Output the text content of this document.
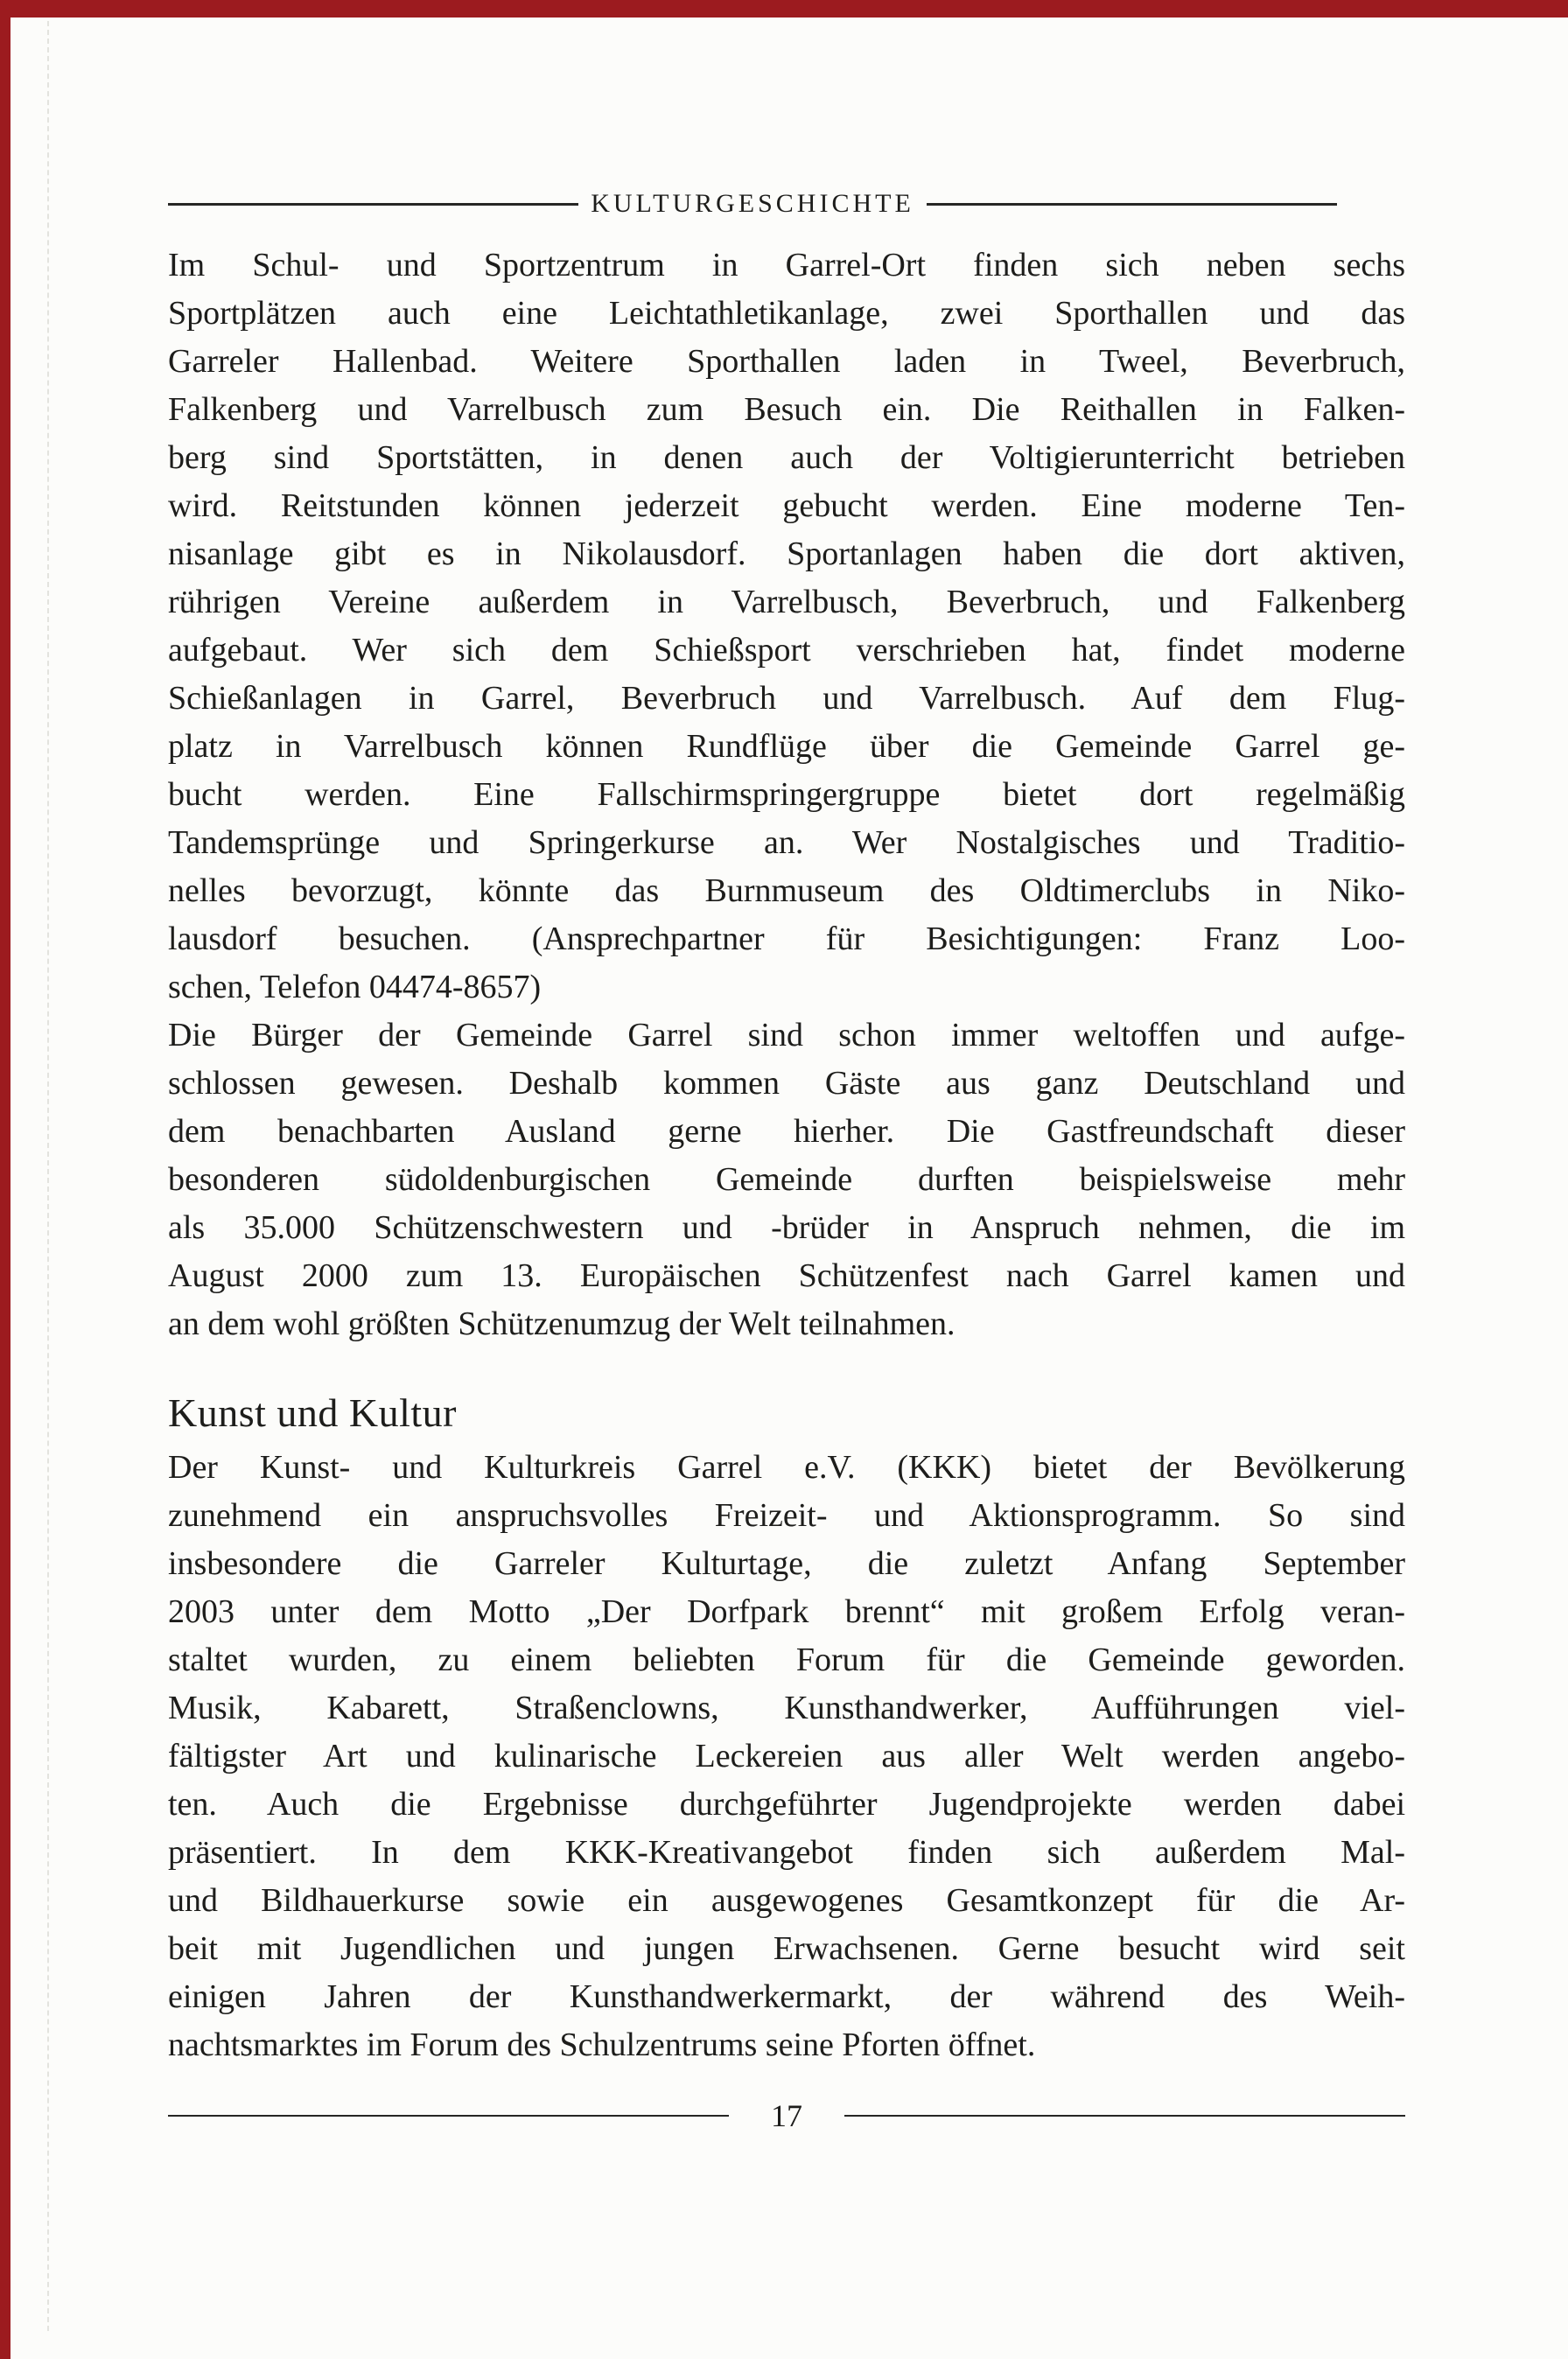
KULTURGESCHICHTE
Im Schul- und Sportzentrum in Garrel-Ort finden sich neben sechs
Sportplätzen auch eine Leichtathletikanlage, zwei Sporthallen und das
Garreler Hallenbad. Weitere Sporthallen laden in Tweel, Beverbruch,
Falkenberg und Varrelbusch zum Besuch ein. Die Reithallen in Falken-
berg sind Sportstätten, in denen auch der Voltigierunterricht betrieben
wird. Reitstunden können jederzeit gebucht werden. Eine moderne Ten-
nisanlage gibt es in Nikolausdorf. Sportanlagen haben die dort aktiven,
rührigen Vereine außerdem in Varrelbusch, Beverbruch, und Falkenberg
aufgebaut. Wer sich dem Schießsport verschrieben hat, findet moderne
Schießanlagen in Garrel, Beverbruch und Varrelbusch. Auf dem Flug-
platz in Varrelbusch können Rundflüge über die Gemeinde Garrel ge-
bucht werden. Eine Fallschirmspringergruppe bietet dort regelmäßig
Tandemsprünge und Springerkurse an. Wer Nostalgisches und Traditio-
nelles bevorzugt, könnte das Burnmuseum des Oldtimerclubs in Niko-
lausdorf besuchen. (Ansprechpartner für Besichtigungen: Franz Loo-
schen, Telefon 04474-8657)
Die Bürger der Gemeinde Garrel sind schon immer weltoffen und aufge-
schlossen gewesen. Deshalb kommen Gäste aus ganz Deutschland und
dem benachbarten Ausland gerne hierher. Die Gastfreundschaft dieser
besonderen südoldenburgischen Gemeinde durften beispielsweise mehr
als 35.000 Schützenschwestern und -brüder in Anspruch nehmen, die im
August 2000 zum 13. Europäischen Schützenfest nach Garrel kamen und
an dem wohl größten Schützenumzug der Welt teilnahmen.
Kunst und Kultur
Der Kunst- und Kulturkreis Garrel e.V. (KKK) bietet der Bevölkerung
zunehmend ein anspruchsvolles Freizeit- und Aktionsprogramm. So sind
insbesondere die Garreler Kulturtage, die zuletzt Anfang September
2003 unter dem Motto „Der Dorfpark brennt“ mit großem Erfolg veran-
staltet wurden, zu einem beliebten Forum für die Gemeinde geworden.
Musik, Kabarett, Straßenclowns, Kunsthandwerker, Aufführungen viel-
fältigster Art und kulinarische Leckereien aus aller Welt werden angebo-
ten. Auch die Ergebnisse durchgeführter Jugendprojekte werden dabei
präsentiert. In dem KKK-Kreativangebot finden sich außerdem Mal-
und Bildhauerkurse sowie ein ausgewogenes Gesamtkonzept für die Ar-
beit mit Jugendlichen und jungen Erwachsenen. Gerne besucht wird seit
einigen Jahren der Kunsthandwerkermarkt, der während des Weih-
nachtsmarktes im Forum des Schulzentrums seine Pforten öffnet.
17
